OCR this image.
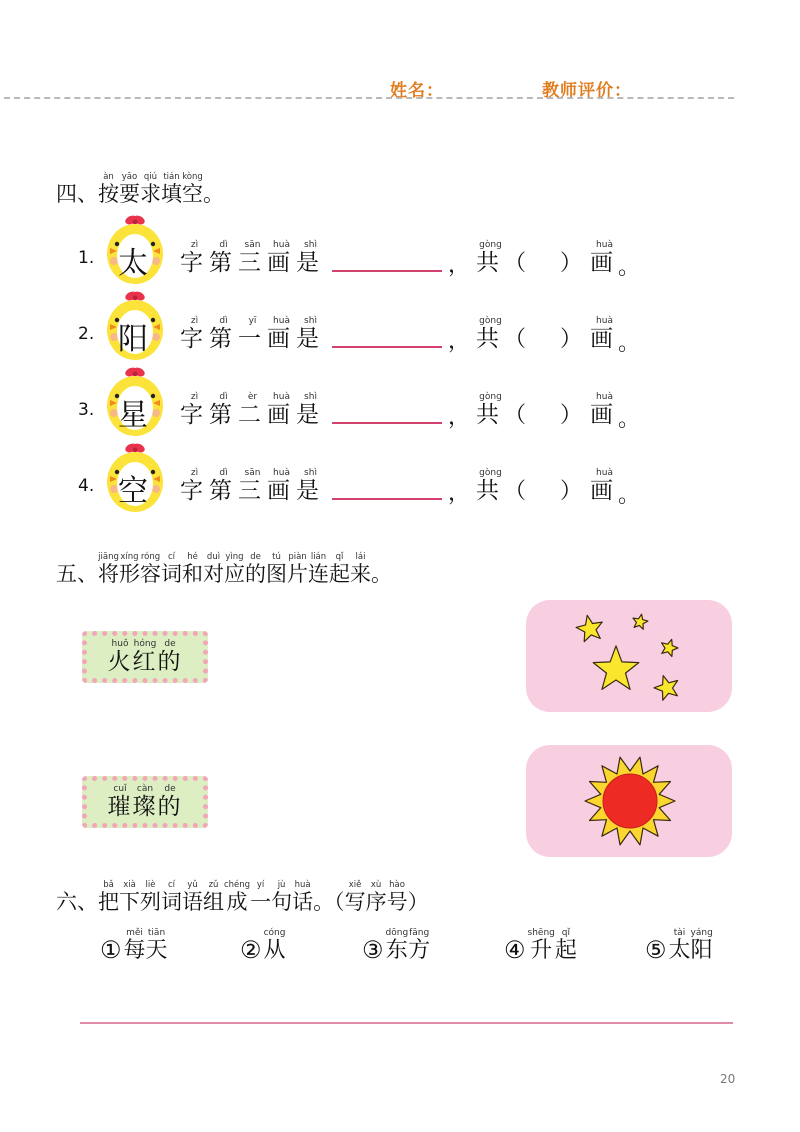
姓名：	教师评价：
四、按àn要yāo求qiú填tián空kòng。
1. 太 字zì第dì三sān画huà是shì
， 共gòng
（ ） 画huà
。
2. 阳 字zì第dì一yī画huà是shì
， 共gòng
（ ） 画huà
。
3. 星 字zì第dì二èr画huà是shì
， 共gòng
（ ） 画huà
。
4. 空 字zì第dì三sān画huà是shì
， 共gòng
（ ） 画huà
。
五、将jiāng形xíng容róng词cí和hé对duì应yìng的de图tú片piàn连lián起qǐ来lái。
火huǒ红hóng的de
璀cuǐ璨càn的de
六、把bǎ下xià列liè词cí语yǔ组zǔ成chéng一yí句jù话huà。（写xiě序xù号hào）
① 每měi天tiān
② 从cóng
③ 东dōng方fāng
④ 升shēng起qǐ
⑤ 太tài阳yáng
20
